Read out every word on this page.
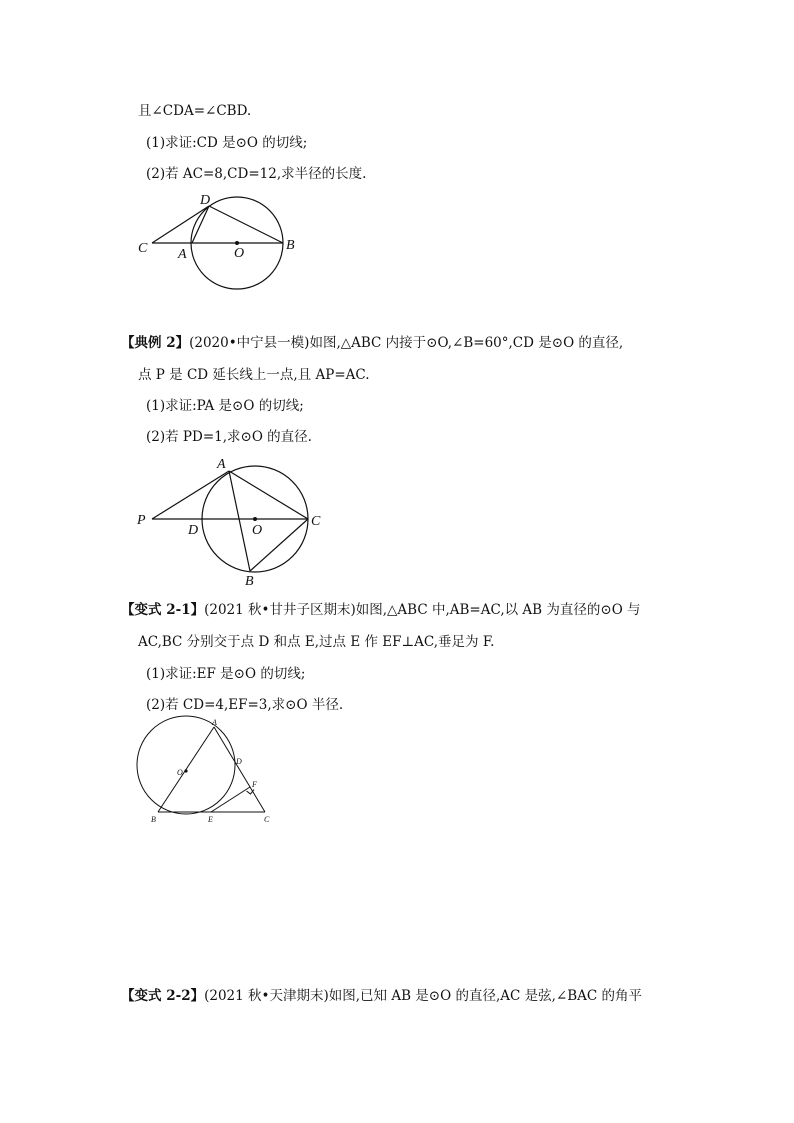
且∠CDA=∠CBD.
(1)求证:CD 是⊙O 的切线;
(2)若 AC=8,CD=12,求半径的长度.
C
D
A	O
B
【典例 2】(2020•中宁县一模)如图,△ABC 内接于⊙O,∠B=60°,CD 是⊙O 的直径,
点 P 是 CD 延长线上一点,且 AP=AC.
(1)求证:PA 是⊙O 的切线;
(2)若 PD=1,求⊙O 的直径.
A
P
D	O
C
B
【变式 2-1】(2021 秋•甘井子区期末)如图,△ABC 中,AB=AC,以 AB 为直径的⊙O 与
AC,BC 分别交于点 D 和点 E,过点 E 作 EF⊥AC,垂足为 F.
(1)求证:EF 是⊙O 的切线;
(2)若 CD=4,EF=3,求⊙O 半径.
A
O
D
F
B	E	C
【变式 2-2】(2021 秋•天津期末)如图,已知 AB 是⊙O 的直径,AC 是弦,∠BAC 的角平
